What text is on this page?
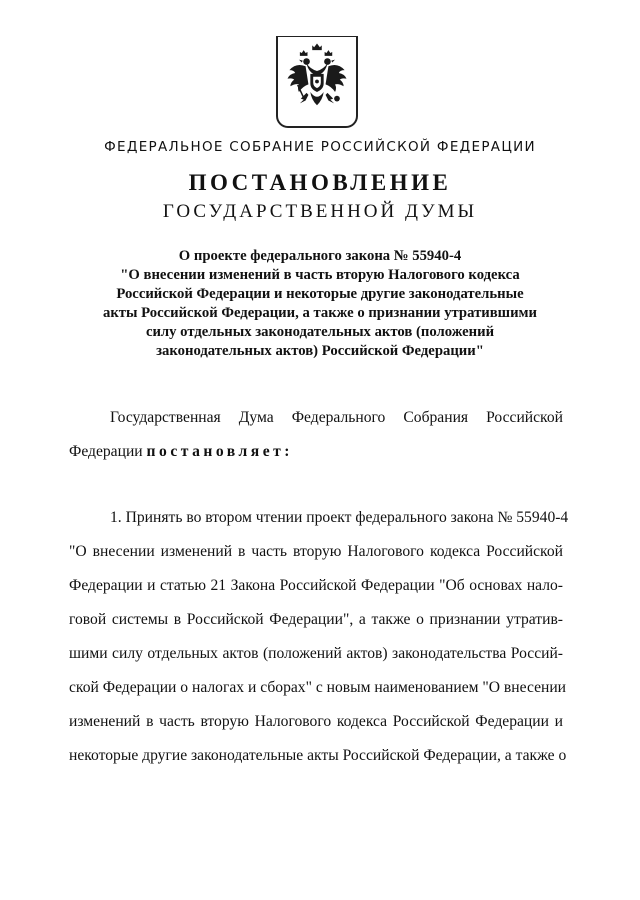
ФЕДЕРАЛЬНОЕ СОБРАНИЕ РОССИЙСКОЙ ФЕДЕРАЦИИ
ПОСТАНОВЛЕНИЕ
ГОСУДАРСТВЕННОЙ ДУМЫ
О проекте федерального закона № 55940-4
"О внесении изменений в часть вторую Налогового кодекса
Российской Федерации и некоторые другие законодательные
акты Российской Федерации, а также о признании утратившими
силу отдельных законодательных актов (положений
законодательных актов) Российской Федерации"
Государственная Дума Федерального Собрания Российской
Федерации постановляет:
1. Принять во втором чтении проект федерального закона № 55940-4
"О внесении изменений в часть вторую Налогового кодекса Российской
Федерации и статью 21 Закона Российской Федерации "Об основах нало-
говой системы в Российской Федерации", а также о признании утратив-
шими силу отдельных актов (положений актов) законодательства Россий-
ской Федерации о налогах и сборах" с новым наименованием "О внесении
изменений в часть вторую Налогового кодекса Российской Федерации и
некоторые другие законодательные акты Российской Федерации, а также о
